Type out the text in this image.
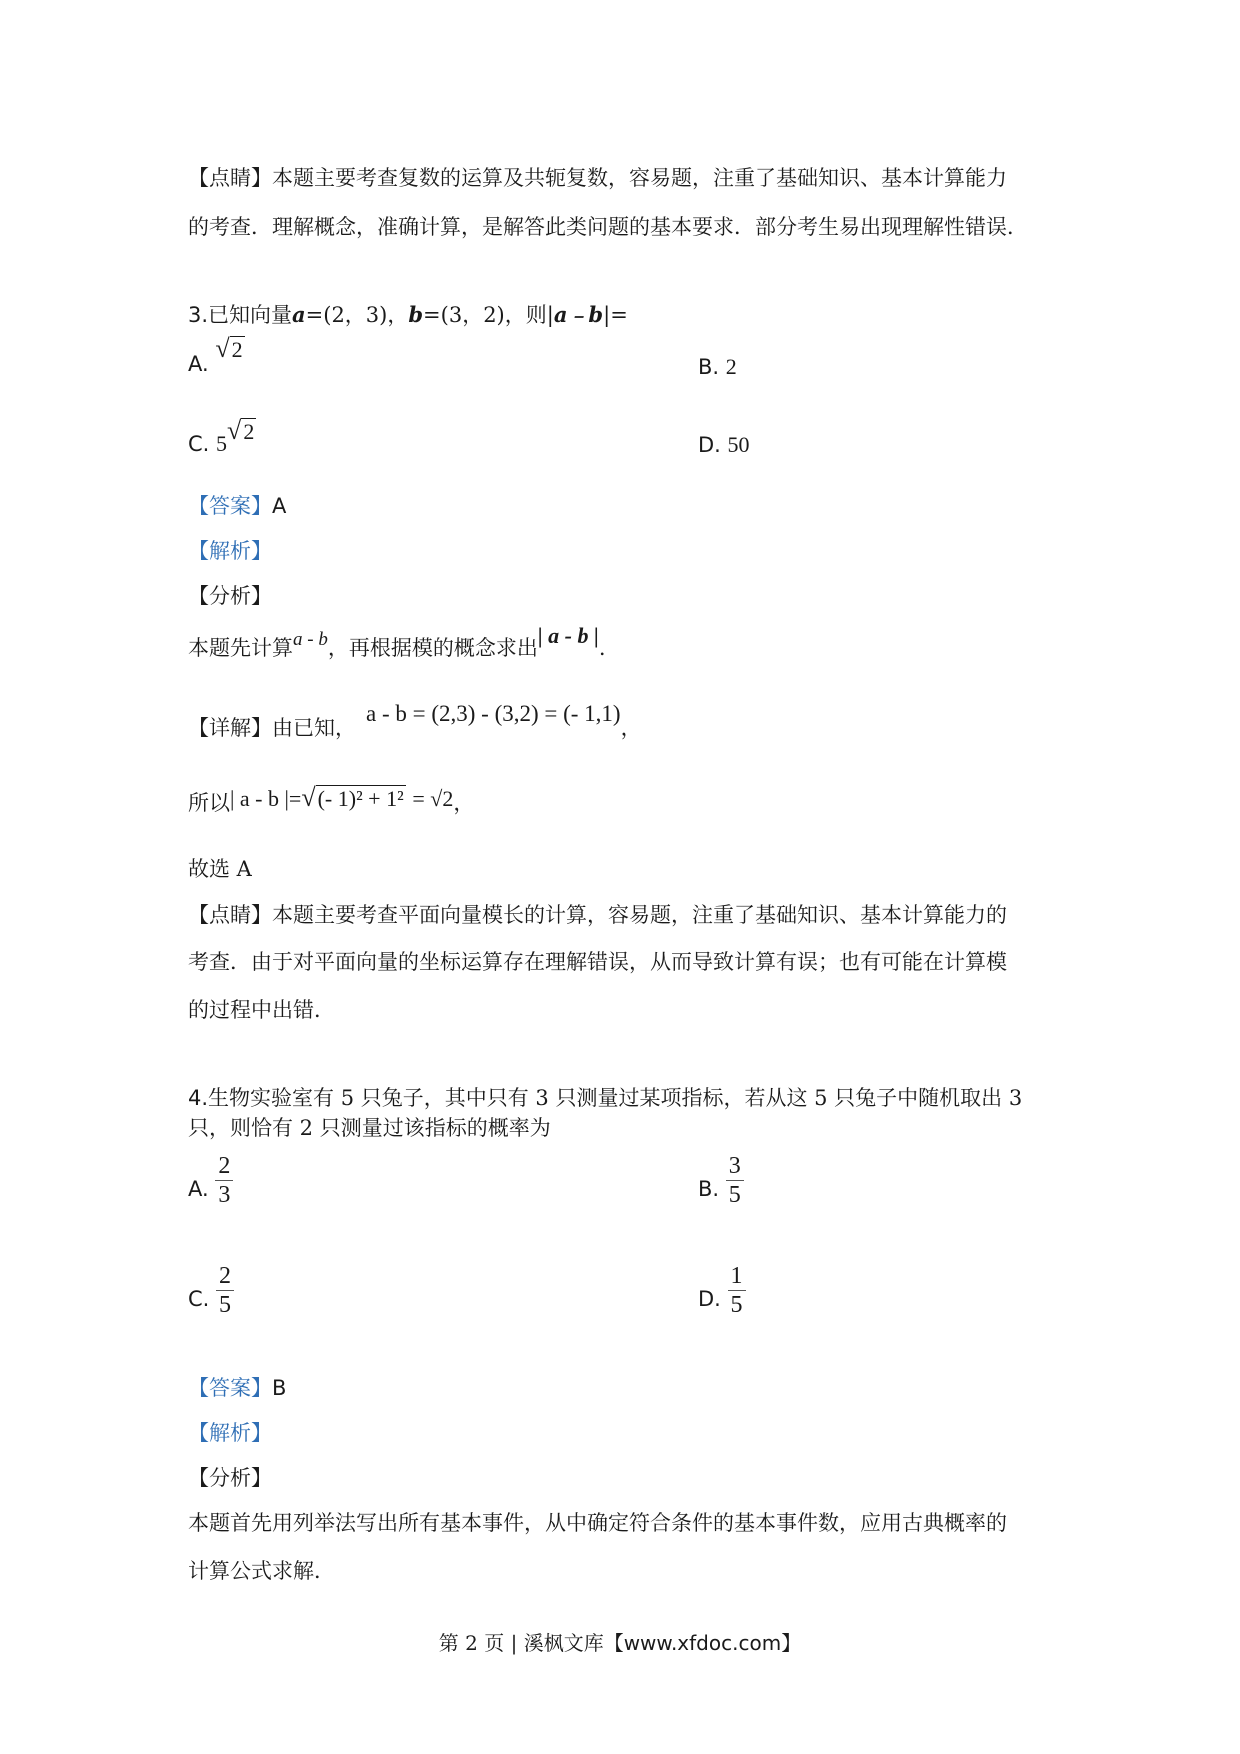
【点睛】本题主要考查复数的运算及共轭复数，容易题，注重了基础知识、基本计算能力
的考查．理解概念，准确计算，是解答此类问题的基本要求．部分考生易出现理解性错误．
3.已知向量a=(2，3)，b=(3，2)，则|a﹣b|=
A. √2
B. 2
C. 5√2
D. 50
【答案】A
【解析】
【分析】
本题先计算a - b，再根据模的概念求出| a - b |.
【详解】由已知，a - b = (2,3) - (3,2) = (- 1,1)，
所以| a - b |=√(- 1)² + 1² = √2，
故选 A
【点睛】本题主要考查平面向量模长的计算，容易题，注重了基础知识、基本计算能力的
考查．由于对平面向量的坐标运算存在理解错误，从而导致计算有误；也有可能在计算模
的过程中出错．
4.生物实验室有 5 只兔子，其中只有 3 只测量过某项指标，若从这 5 只兔子中随机取出 3
只，则恰有 2 只测量过该指标的概率为
A. $\frac{2}{3}$	B. $\frac{3}{5}$
C. $\frac{2}{5}$	D. $\frac{1}{5}$
【答案】B
【解析】
【分析】
本题首先用列举法写出所有基本事件，从中确定符合条件的基本事件数，应用古典概率的
计算公式求解．
第 2 页 | 溪枫文库【www.xfdoc.com】
